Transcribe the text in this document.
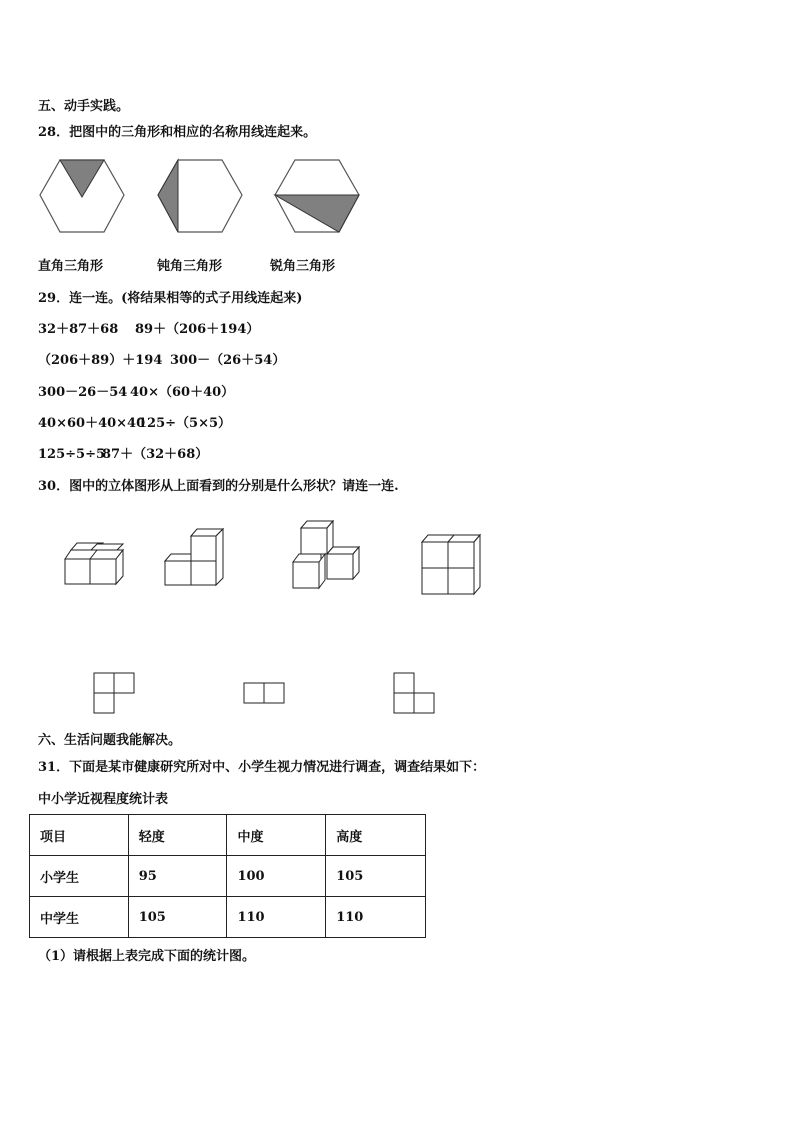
五、动手实践。
28．把图中的三角形和相应的名称用线连起来。
直角三角形	钝角三角形	锐角三角形
29．连一连。(将结果相等的式子用线连起来)
32＋87＋68 89＋（206＋194）
（206＋89）＋194 300－（26＋54）
300－26－54 40×（60＋40）
40×60＋40×40
125÷（5×5）
125÷5÷5
87＋（32＋68）
30．图中的立体图形从上面看到的分别是什么形状？请连一连.
六、生活问题我能解决。
31．下面是某市健康研究所对中、小学生视力情况进行调查，调查结果如下：
中小学近视程度统计表
项目	轻度	中度	高度
小学生	95	100	105
中学生	105	110	110
（1）请根据上表完成下面的统计图。
